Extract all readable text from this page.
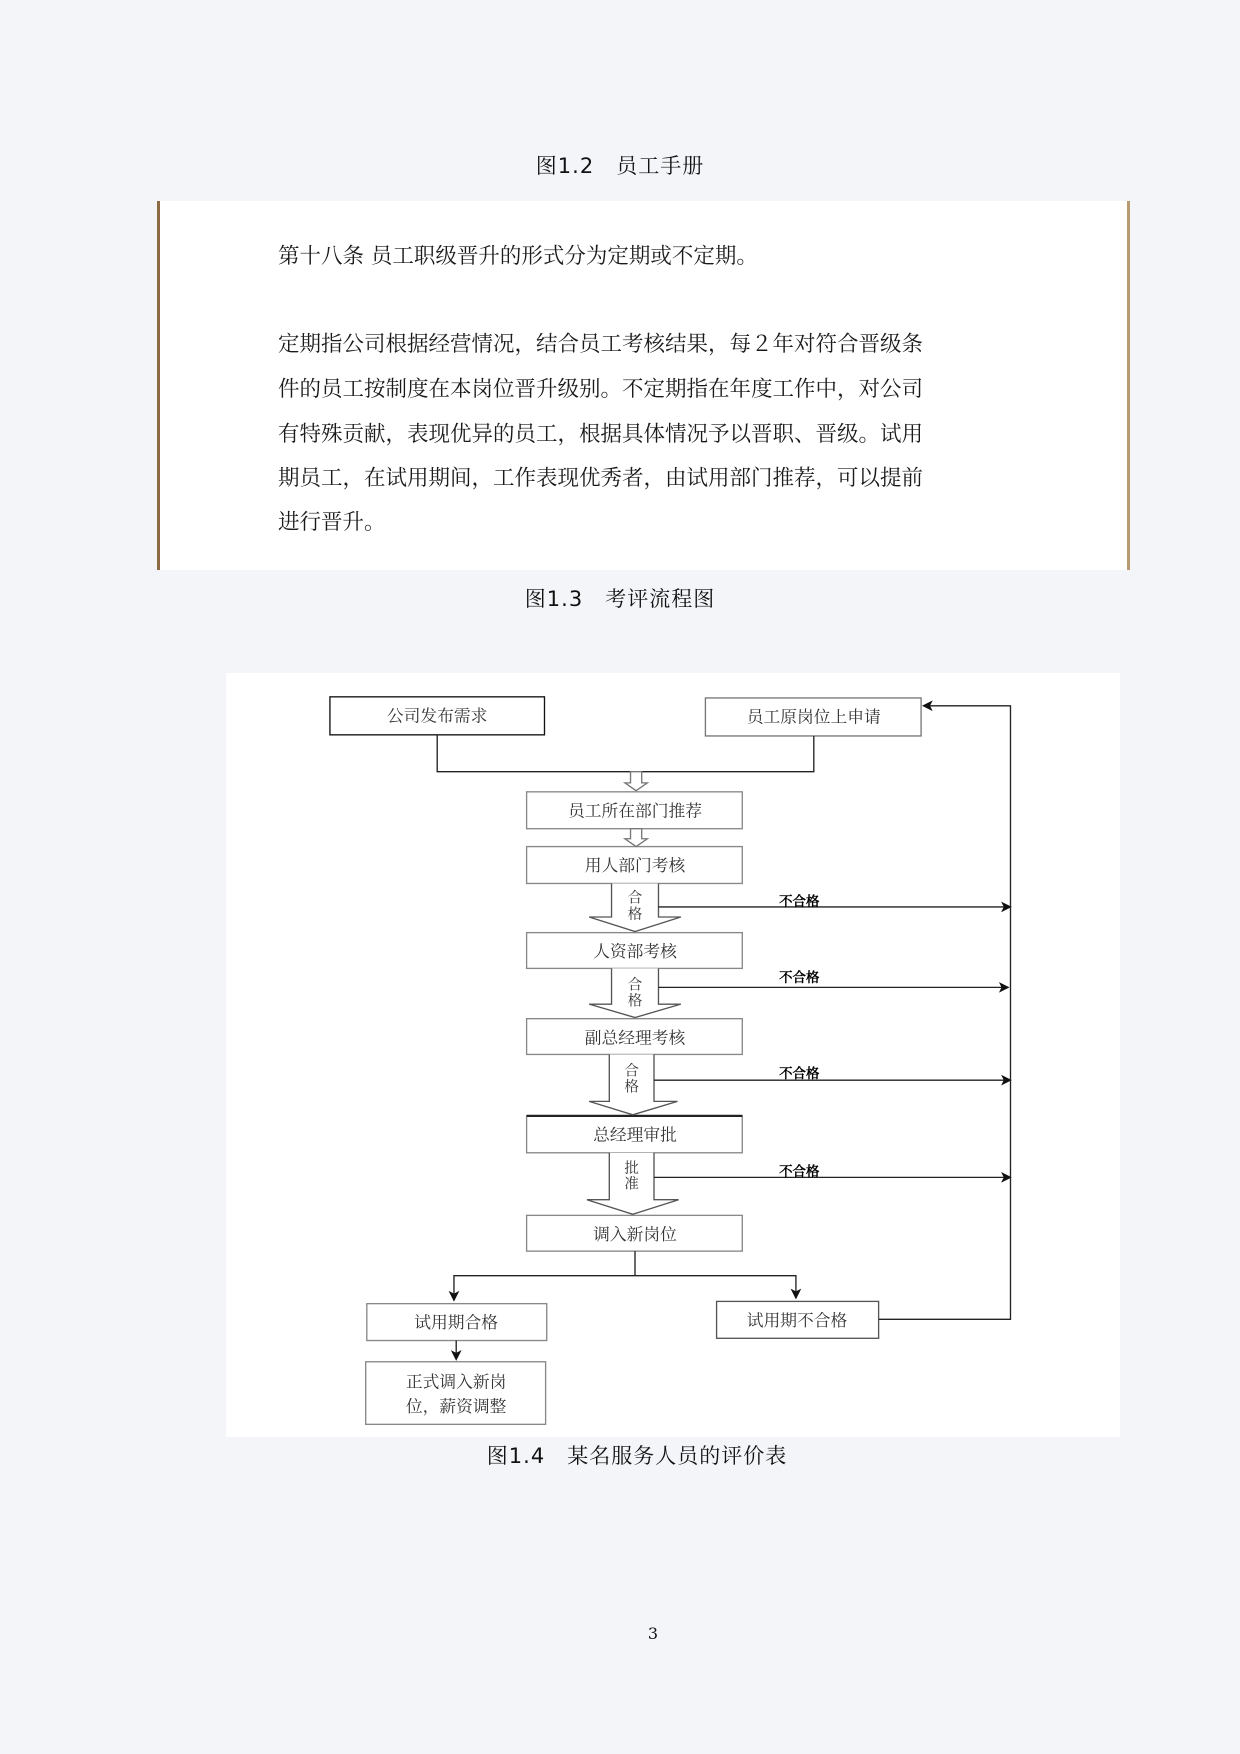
图1.2　员工手册

第十八条 员工职级晋升的形式分为定期或不定期。

定期指公司根据经营情况，结合员工考核结果，每２年对符合晋级条

件的员工按制度在本岗位晋升级别。不定期指在年度工作中，对公司

有特殊贡献，表现优异的员工，根据具体情况予以晋职、晋级。试用

期员工，在试用期间，工作表现优秀者，由试用部门推荐，可以提前

进行晋升。

图1.3　考评流程图
公司发布需求	员工原岗位上申请
员工所在部门推荐
用人部门考核
人资部考核
副总经理考核
总经理审批
调入新岗位
试用期合格	试用期不合格
正式调入新岗
位，薪资调整
合
格
合
格
合
格
批
准
不合格
不合格
不合格
不合格
图1.4　某名服务人员的评价表
3
